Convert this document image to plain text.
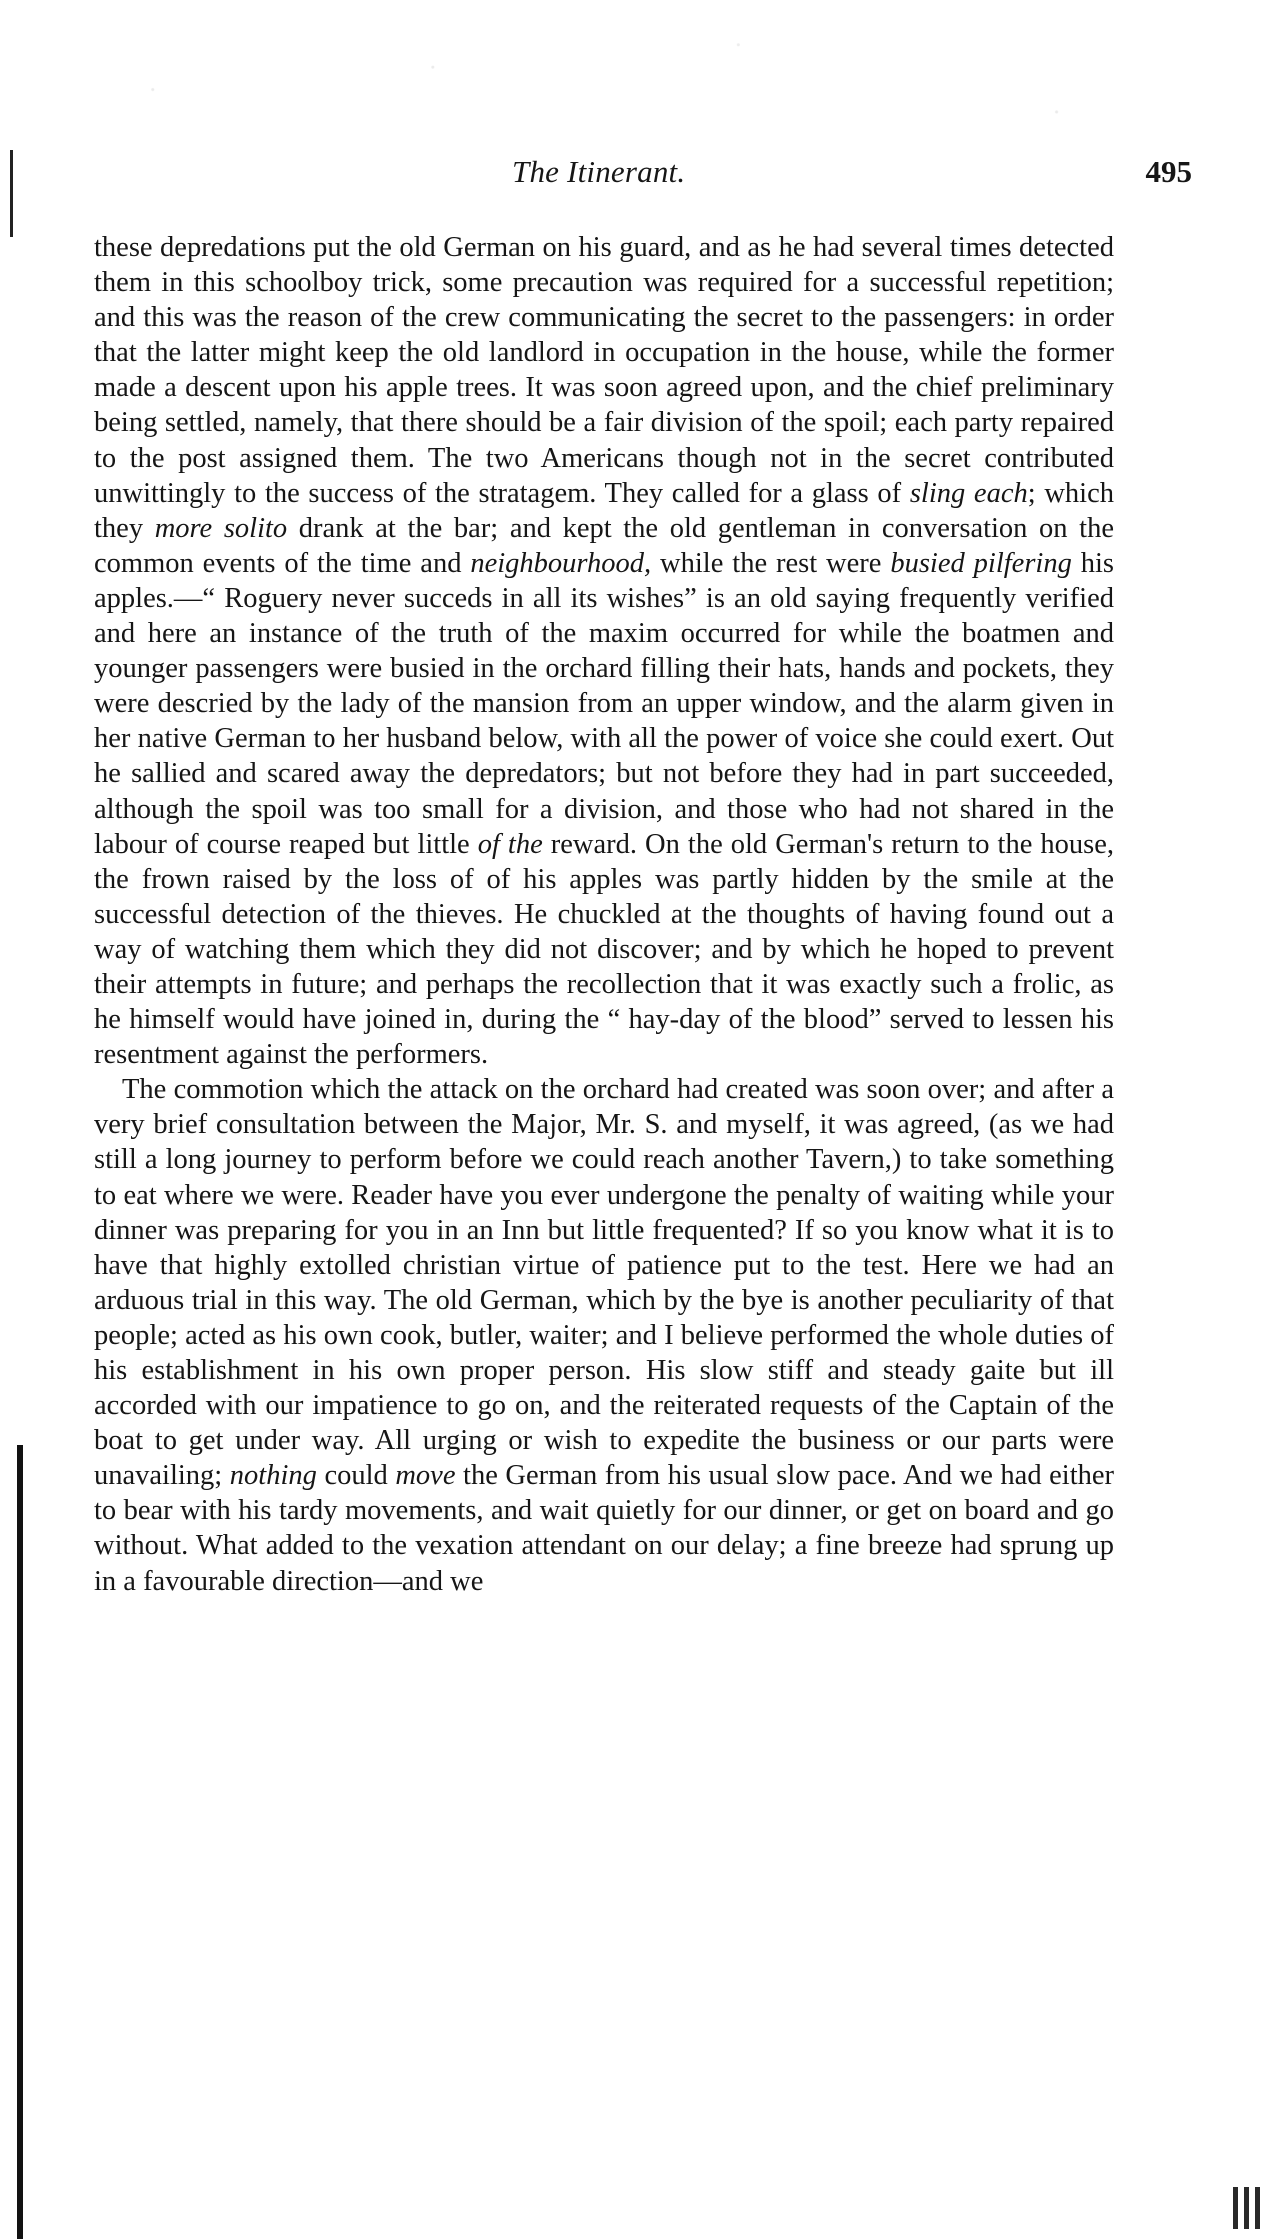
The Itinerant.	495

these depredations put the old German on his guard, and as he had several times detected them in this schoolboy trick, some precaution was required for a successful repetition; and this was the reason of the crew communicating the secret to the passengers: in order that the latter might keep the old landlord in occupation in the house, while the former made a descent upon his apple trees. It was soon agreed upon, and the chief preliminary being settled, namely, that there should be a fair division of the spoil; each party repaired to the post assigned them. The two Americans though not in the secret contributed unwittingly to the success of the stratagem. They called for a glass of sling each; which they more solito drank at the bar; and kept the old gentleman in conversation on the common events of the time and neighbourhood, while the rest were busied pilfering his apples.—“ Roguery never succeds in all its wishes” is an old saying frequently verified and here an instance of the truth of the maxim occurred for while the boatmen and younger passengers were busied in the orchard filling their hats, hands and pockets, they were descried by the lady of the mansion from an upper window, and the alarm given in her native German to her husband below, with all the power of voice she could exert. Out he sallied and scared away the depredators; but not before they had in part succeeded, although the spoil was too small for a division, and those who had not shared in the labour of course reaped but little of the reward. On the old German's return to the house, the frown raised by the loss of of his apples was partly hidden by the smile at the successful detection of the thieves. He chuckled at the thoughts of having found out a way of watching them which they did not discover; and by which he hoped to prevent their attempts in future; and perhaps the recollection that it was exactly such a frolic, as he himself would have joined in, during the “ hay-day of the blood” served to lessen his resentment against the performers.

The commotion which the attack on the orchard had created was soon over; and after a very brief consultation between the Major, Mr. S. and myself, it was agreed, (as we had still a long journey to perform before we could reach another Tavern,) to take something to eat where we were. Reader have you ever undergone the penalty of waiting while your dinner was preparing for you in an Inn but little frequented? If so you know what it is to have that highly extolled christian virtue of patience put to the test. Here we had an arduous trial in this way. The old German, which by the bye is another peculiarity of that people; acted as his own cook, butler, waiter; and I believe performed the whole duties of his establishment in his own proper person. His slow stiff and steady gaite but ill accorded with our impatience to go on, and the reiterated requests of the Captain of the boat to get under way. All urging or wish to expedite the business or our parts were unavailing; nothing could move the German from his usual slow pace. And we had either to bear with his tardy movements, and wait quietly for our dinner, or get on board and go without. What added to the vexation attendant on our delay; a fine breeze had sprung up in a favourable direction—and we
